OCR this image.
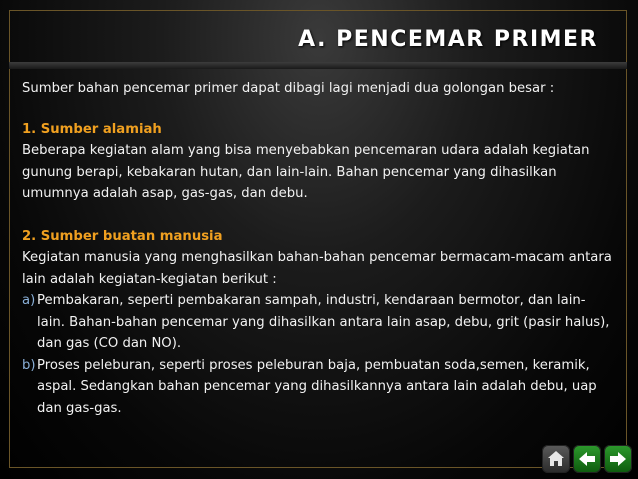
A. PENCEMAR PRIMER

Sumber bahan pencemar primer dapat dibagi lagi menjadi dua golongan besar :

1. Sumber alamiah

Beberapa kegiatan alam yang bisa menyebabkan pencemaran udara adalah kegiatan gunung berapi, kebakaran hutan, dan lain-lain. Bahan pencemar yang dihasilkan umumnya adalah asap, gas-gas, dan debu.

2. Sumber buatan manusia

Kegiatan manusia yang menghasilkan bahan-bahan pencemar bermacam-macam antara lain adalah kegiatan-kegiatan berikut :

a) Pembakaran, seperti pembakaran sampah, industri, kendaraan bermotor, dan lain-lain. Bahan-bahan pencemar yang dihasilkan antara lain asap, debu, grit (pasir halus), dan gas (CO dan NO).
b) Proses peleburan, seperti proses peleburan baja, pembuatan soda,semen, keramik, aspal. Sedangkan bahan pencemar yang dihasilkannya antara lain adalah debu, uap dan gas-gas.
